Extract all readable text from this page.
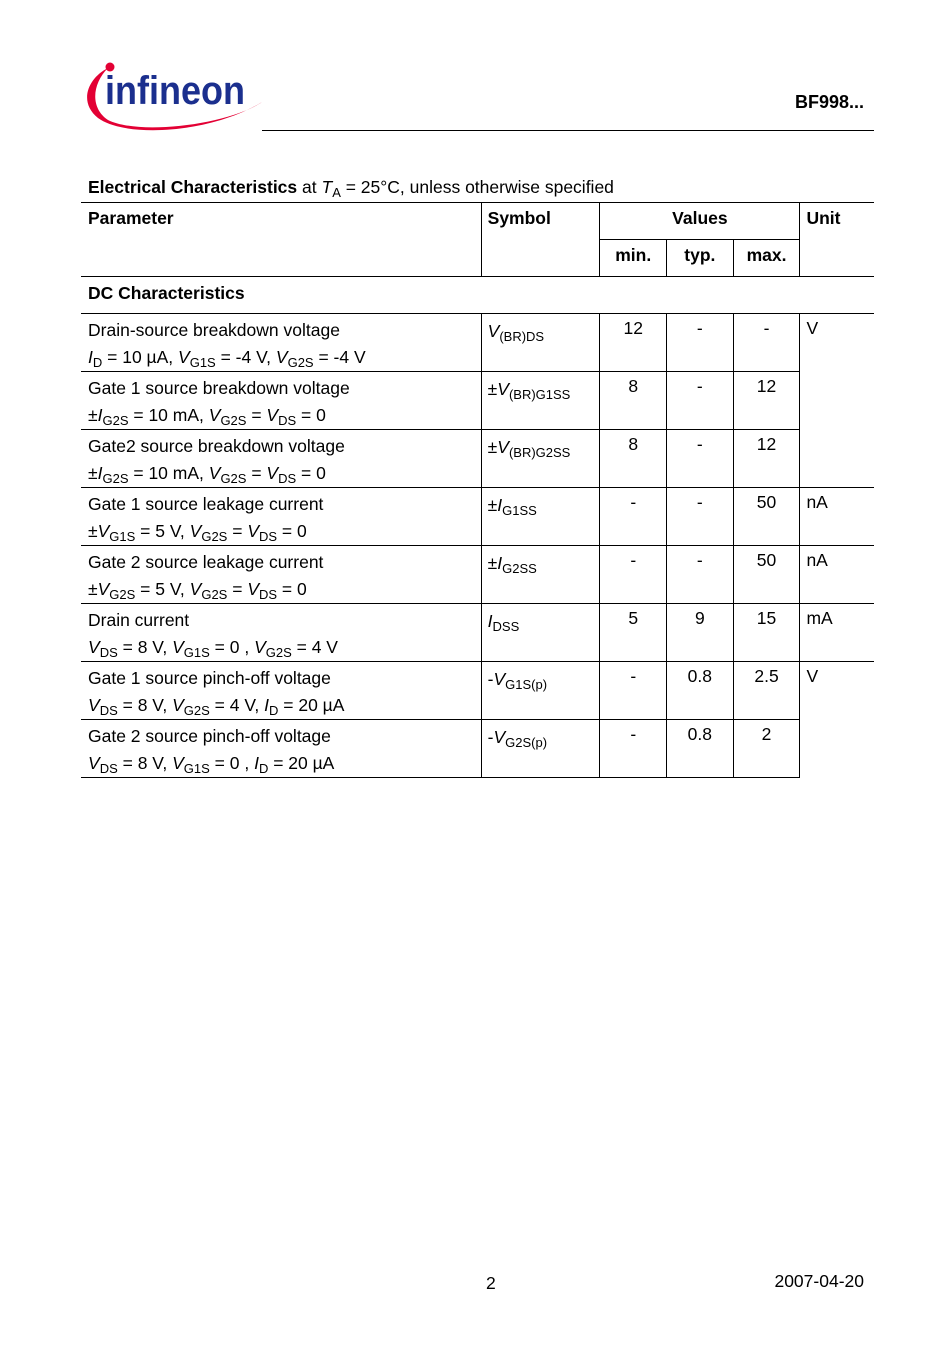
infineon	BF998...
Electrical Characteristics at $T_A = 25^\circ C$, unless otherwise specified
Parameter	Symbol	Values			Unit
		min.	typ.	max.	
DC Characteristics					

Drain-source breakdown voltage
$I_D = 10$ µA, $V_{G1S} = -4$ V, $V_{G2S} = -4$ V	$V_{(BR)DS}$	12	-	-	V

Gate 1 source breakdown voltage
$\pm I_{G2S} = 10$ mA, $V_{G2S} = V_{DS} = 0$	$\pm V_{(BR)G1SS}$	8	-	12	

Gate2 source breakdown voltage
$\pm I_{G2S} = 10$ mA, $V_{G2S} = V_{DS} = 0$	$\pm V_{(BR)G2SS}$	8	-	12	

Gate 1 source leakage current
$\pm V_{G1S} = 5$ V, $V_{G2S} = V_{DS} = 0$	$\pm I_{G1SS}$	-	-	50	nA

Gate 2 source leakage current
$\pm V_{G2S} = 5$ V, $V_{G2S} = V_{DS} = 0$	$\pm I_{G2SS}$	-	-	50	nA

Drain current
$V_{DS} = 8$ V, $V_{G1S} = 0$ , $V_{G2S} = 4$ V	$I_{DSS}$	5	9	15	mA

Gate 1 source pinch-off voltage
$V_{DS} = 8$ V, $V_{G2S} = 4$ V, $I_D = 20$ µA	$-V_{G1S(p)}$	-	0.8	2.5	V

Gate 2 source pinch-off voltage
$V_{DS} = 8$ V, $V_{G1S} = 0$ , $I_D = 20$ µA	$-V_{G2S(p)}$	-	0.8	2	
2	2007-04-20
